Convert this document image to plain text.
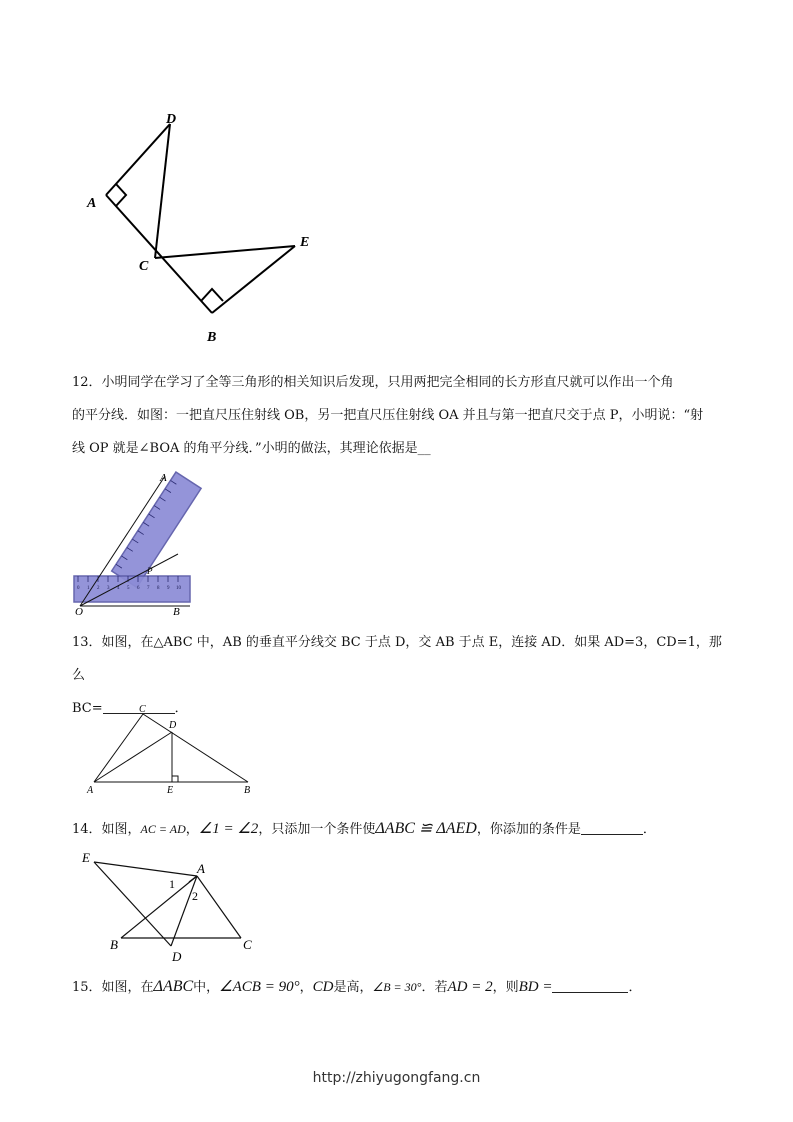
D
A
C
E
B

12．小明同学在学习了全等三角形的相关知识后发现，只用两把完全相同的长方形直尺就可以作出一个角

的平分线．如图：一把直尺压住射线 OB，另一把直尺压住射线 OA 并且与第一把直尺交于点 P，小明说：“射

线 OP 就是∠BOA 的角平分线．”小明的做法，其理论依据是__

0 1 2 3 4 5 6 7 8 9 10
A
P
O	B

13．如图，在△ABC 中，AB 的垂直平分线交 BC 于点 D，交 AB 于点 E，连接 AD．如果 AD=3，CD=1，那么

BC=	．

C
D
A	E	B

14．如图，AC = AD，∠1 = ∠2，只添加一个条件使ΔABC ≌ ΔAED，你添加的条件是	．

E
A
B
D
C
1
2

15．如图，在ΔABC中，∠ACB = 90°，CD是高，∠B = 30°．若AD = 2，则BD =	．

http://zhiyugongfang.cn
